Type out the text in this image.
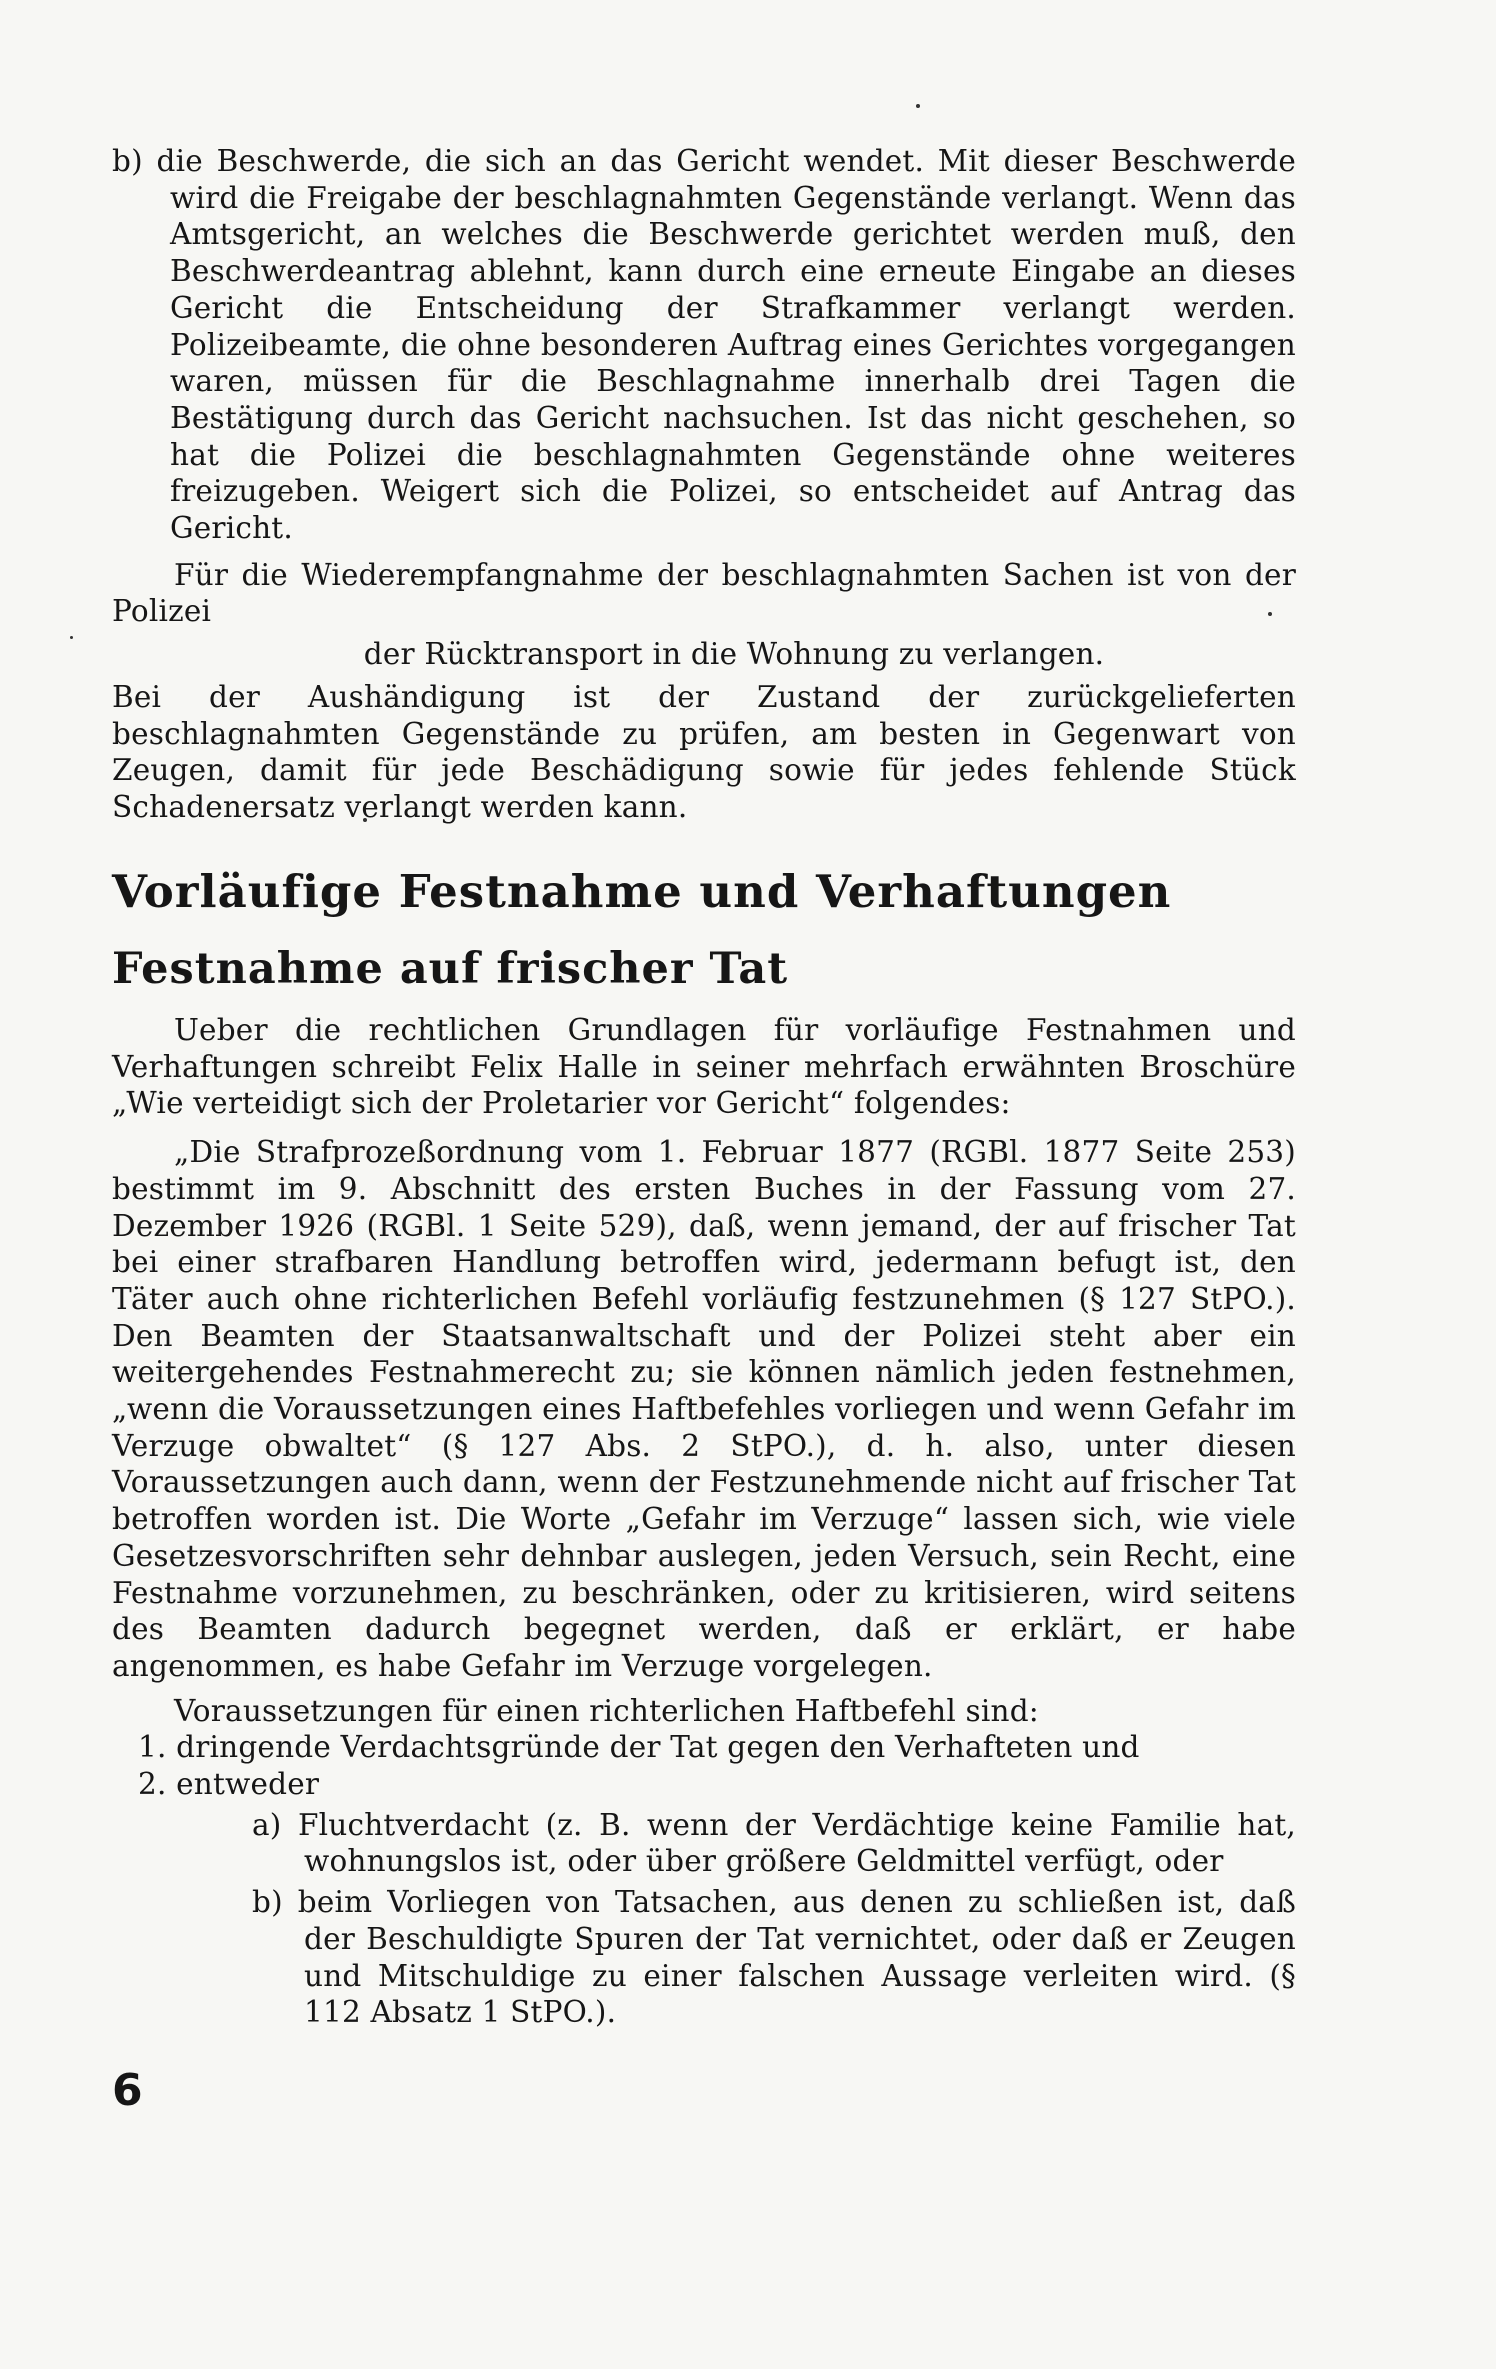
b) die Beschwerde, die sich an das Gericht wendet. Mit dieser Beschwerde wird die Freigabe der beschlagnahmten Gegenstände verlangt. Wenn das Amtsgericht, an welches die Beschwerde gerichtet werden muß, den Beschwerdeantrag ablehnt, kann durch eine erneute Eingabe an dieses Gericht die Entscheidung der Strafkammer verlangt werden. Polizeibeamte, die ohne besonderen Auftrag eines Gerichtes vorgegangen waren, müssen für die Beschlagnahme innerhalb drei Tagen die Bestätigung durch das Gericht nachsuchen. Ist das nicht geschehen, so hat die Polizei die beschlagnahmten Gegenstände ohne weiteres freizugeben. Weigert sich die Polizei, so entscheidet auf Antrag das Gericht.

Für die Wiederempfangnahme der beschlagnahmten Sachen ist von der Polizei

der Rücktransport in die Wohnung zu verlangen.

Bei der Aushändigung ist der Zustand der zurückgelieferten beschlagnahmten Gegenstände zu prüfen, am besten in Gegenwart von Zeugen, damit für jede Beschädigung sowie für jedes fehlende Stück Schadenersatz verlangt werden kann.

Vorläufige Festnahme und Verhaftungen
Festnahme auf frischer Tat

Ueber die rechtlichen Grundlagen für vorläufige Festnahmen und Verhaftungen schreibt Felix Halle in seiner mehrfach erwähnten Broschüre „Wie verteidigt sich der Proletarier vor Gericht“ folgendes:

„Die Strafprozeßordnung vom 1. Februar 1877 (RGBl. 1877 Seite 253) bestimmt im 9. Abschnitt des ersten Buches in der Fassung vom 27. Dezember 1926 (RGBl. 1 Seite 529), daß, wenn jemand, der auf frischer Tat bei einer strafbaren Handlung betroffen wird, jedermann befugt ist, den Täter auch ohne richterlichen Befehl vorläufig festzunehmen (§ 127 StPO.). Den Beamten der Staatsanwaltschaft und der Polizei steht aber ein weitergehendes Festnahmerecht zu; sie können nämlich jeden festnehmen, „wenn die Voraussetzungen eines Haftbefehles vorliegen und wenn Gefahr im Verzuge obwaltet“ (§ 127 Abs. 2 StPO.), d. h. also, unter diesen Voraussetzungen auch dann, wenn der Festzunehmende nicht auf frischer Tat betroffen worden ist. Die Worte „Gefahr im Verzuge“ lassen sich, wie viele Gesetzesvorschriften sehr dehnbar auslegen, jeden Versuch, sein Recht, eine Festnahme vorzunehmen, zu beschränken, oder zu kritisieren, wird seitens des Beamten dadurch begegnet werden, daß er erklärt, er habe angenommen, es habe Gefahr im Verzuge vorgelegen.

Voraussetzungen für einen richterlichen Haftbefehl sind:

1. dringende Verdachtsgründe der Tat gegen den Verhafteten und

2. entweder

a) Fluchtverdacht (z. B. wenn der Verdächtige keine Familie hat, wohnungslos ist, oder über größere Geldmittel verfügt, oder

b) beim Vorliegen von Tatsachen, aus denen zu schließen ist, daß der Beschuldigte Spuren der Tat vernichtet, oder daß er Zeugen und Mitschuldige zu einer falschen Aussage verleiten wird. (§ 112 Absatz 1 StPO.).

6
